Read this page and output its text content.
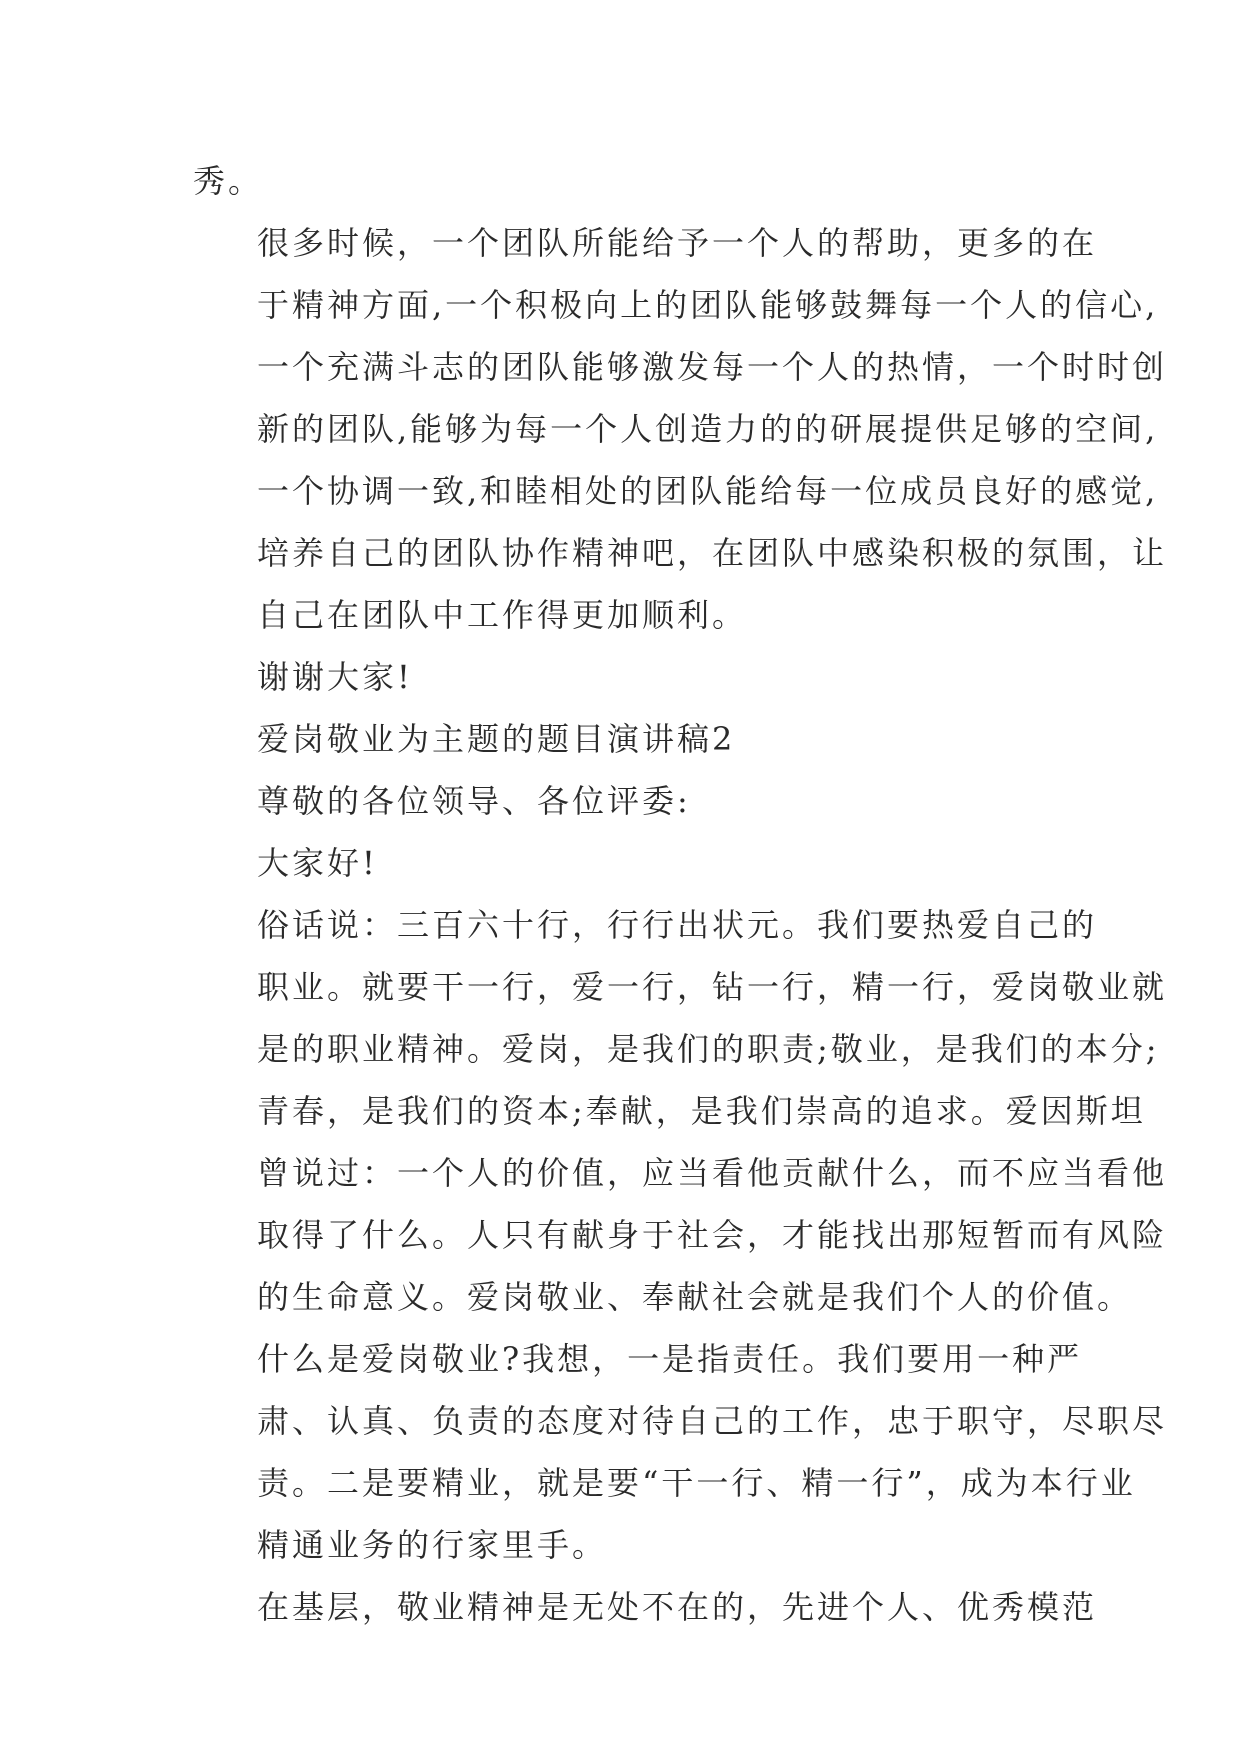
秀。

很多时候，一个团队所能给予一个人的帮助，更多的在
于精神方面,一个积极向上的团队能够鼓舞每一个人的信心,
一个充满斗志的团队能够激发每一个人的热情，一个时时创
新的团队,能够为每一个人创造力的的研展提供足够的空间,
一个协调一致,和睦相处的团队能给每一位成员良好的感觉,
培养自己的团队协作精神吧，在团队中感染积极的氛围，让
自己在团队中工作得更加顺利。

谢谢大家!

爱岗敬业为主题的题目演讲稿2

尊敬的各位领导、各位评委:

大家好!

俗话说：三百六十行，行行出状元。我们要热爱自己的
职业。就要干一行，爱一行，钻一行，精一行，爱岗敬业就
是的职业精神。爱岗，是我们的职责;敬业，是我们的本分;
青春，是我们的资本;奉献，是我们崇高的追求。爱因斯坦
曾说过：一个人的价值，应当看他贡献什么，而不应当看他
取得了什么。人只有献身于社会，才能找出那短暂而有风险
的生命意义。爱岗敬业、奉献社会就是我们个人的价值。

什么是爱岗敬业?我想，一是指责任。我们要用一种严
肃、认真、负责的态度对待自己的工作，忠于职守，尽职尽
责。二是要精业，就是要“干一行、精一行”，成为本行业
精通业务的行家里手。

在基层，敬业精神是无处不在的，先进个人、优秀模范
